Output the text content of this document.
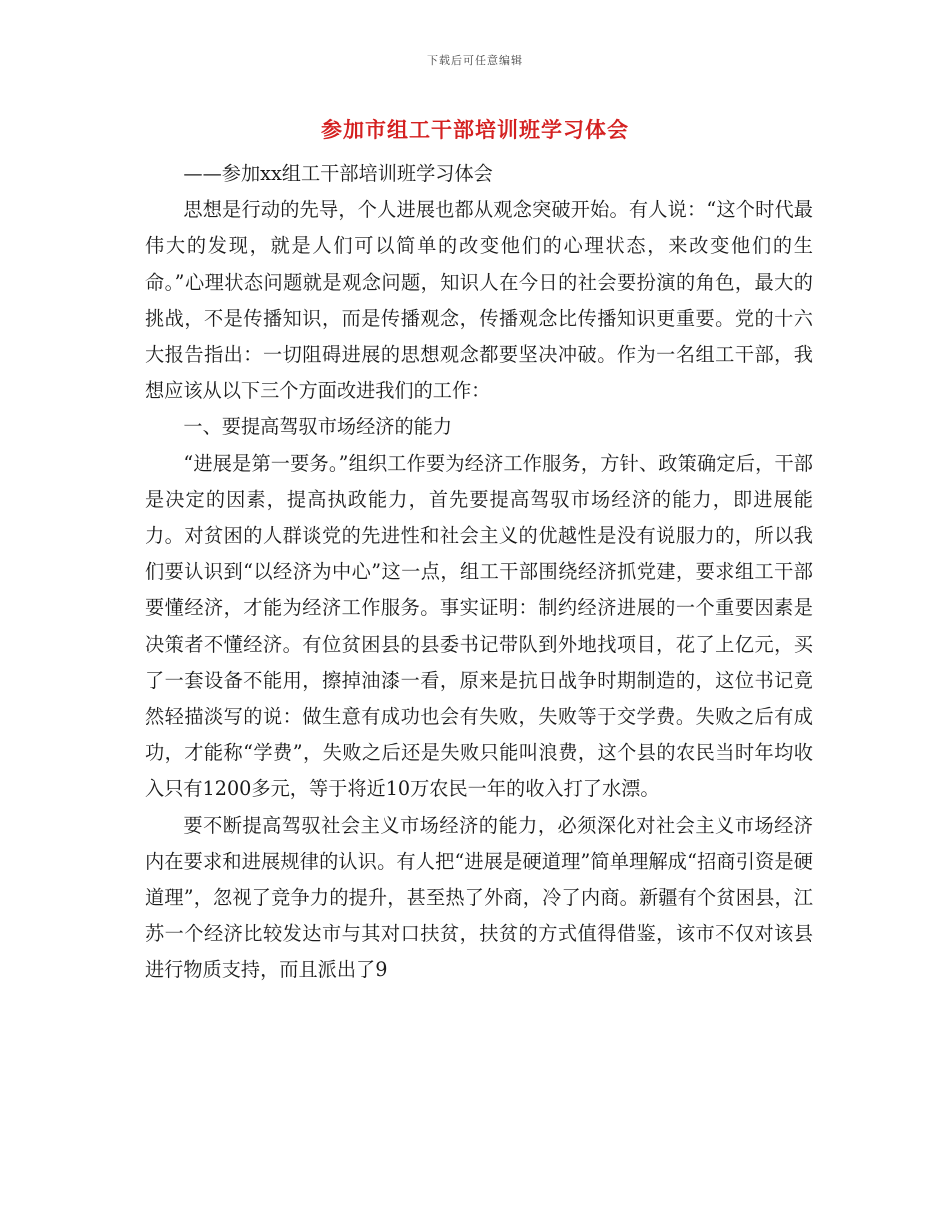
下载后可任意编辑
参加市组工干部培训班学习体会

——参加xx组工干部培训班学习体会

思想是行动的先导，个人进展也都从观念突破开始。有人说：“这个时代最伟大的发现，就是人们可以简单的改变他们的心理状态，来改变他们的生命。”心理状态问题就是观念问题，知识人在今日的社会要扮演的角色，最大的挑战，不是传播知识，而是传播观念，传播观念比传播知识更重要。党的十六大报告指出：一切阻碍进展的思想观念都要坚决冲破。作为一名组工干部，我想应该从以下三个方面改进我们的工作：

一、要提高驾驭市场经济的能力

“进展是第一要务。”组织工作要为经济工作服务，方针、政策确定后，干部是决定的因素，提高执政能力，首先要提高驾驭市场经济的能力，即进展能力。对贫困的人群谈党的先进性和社会主义的优越性是没有说服力的，所以我们要认识到“以经济为中心”这一点，组工干部围绕经济抓党建，要求组工干部要懂经济，才能为经济工作服务。事实证明：制约经济进展的一个重要因素是决策者不懂经济。有位贫困县的县委书记带队到外地找项目，花了上亿元，买了一套设备不能用，擦掉油漆一看，原来是抗日战争时期制造的，这位书记竟然轻描淡写的说：做生意有成功也会有失败，失败等于交学费。失败之后有成功，才能称“学费”，失败之后还是失败只能叫浪费，这个县的农民当时年均收入只有1200多元，等于将近10万农民一年的收入打了水漂。

要不断提高驾驭社会主义市场经济的能力，必须深化对社会主义市场经济内在要求和进展规律的认识。有人把“进展是硬道理”简单理解成“招商引资是硬道理”，忽视了竞争力的提升，甚至热了外商，冷了内商。新疆有个贫困县，江苏一个经济比较发达市与其对口扶贫，扶贫的方式值得借鉴，该市不仅对该县进行物质支持，而且派出了9
